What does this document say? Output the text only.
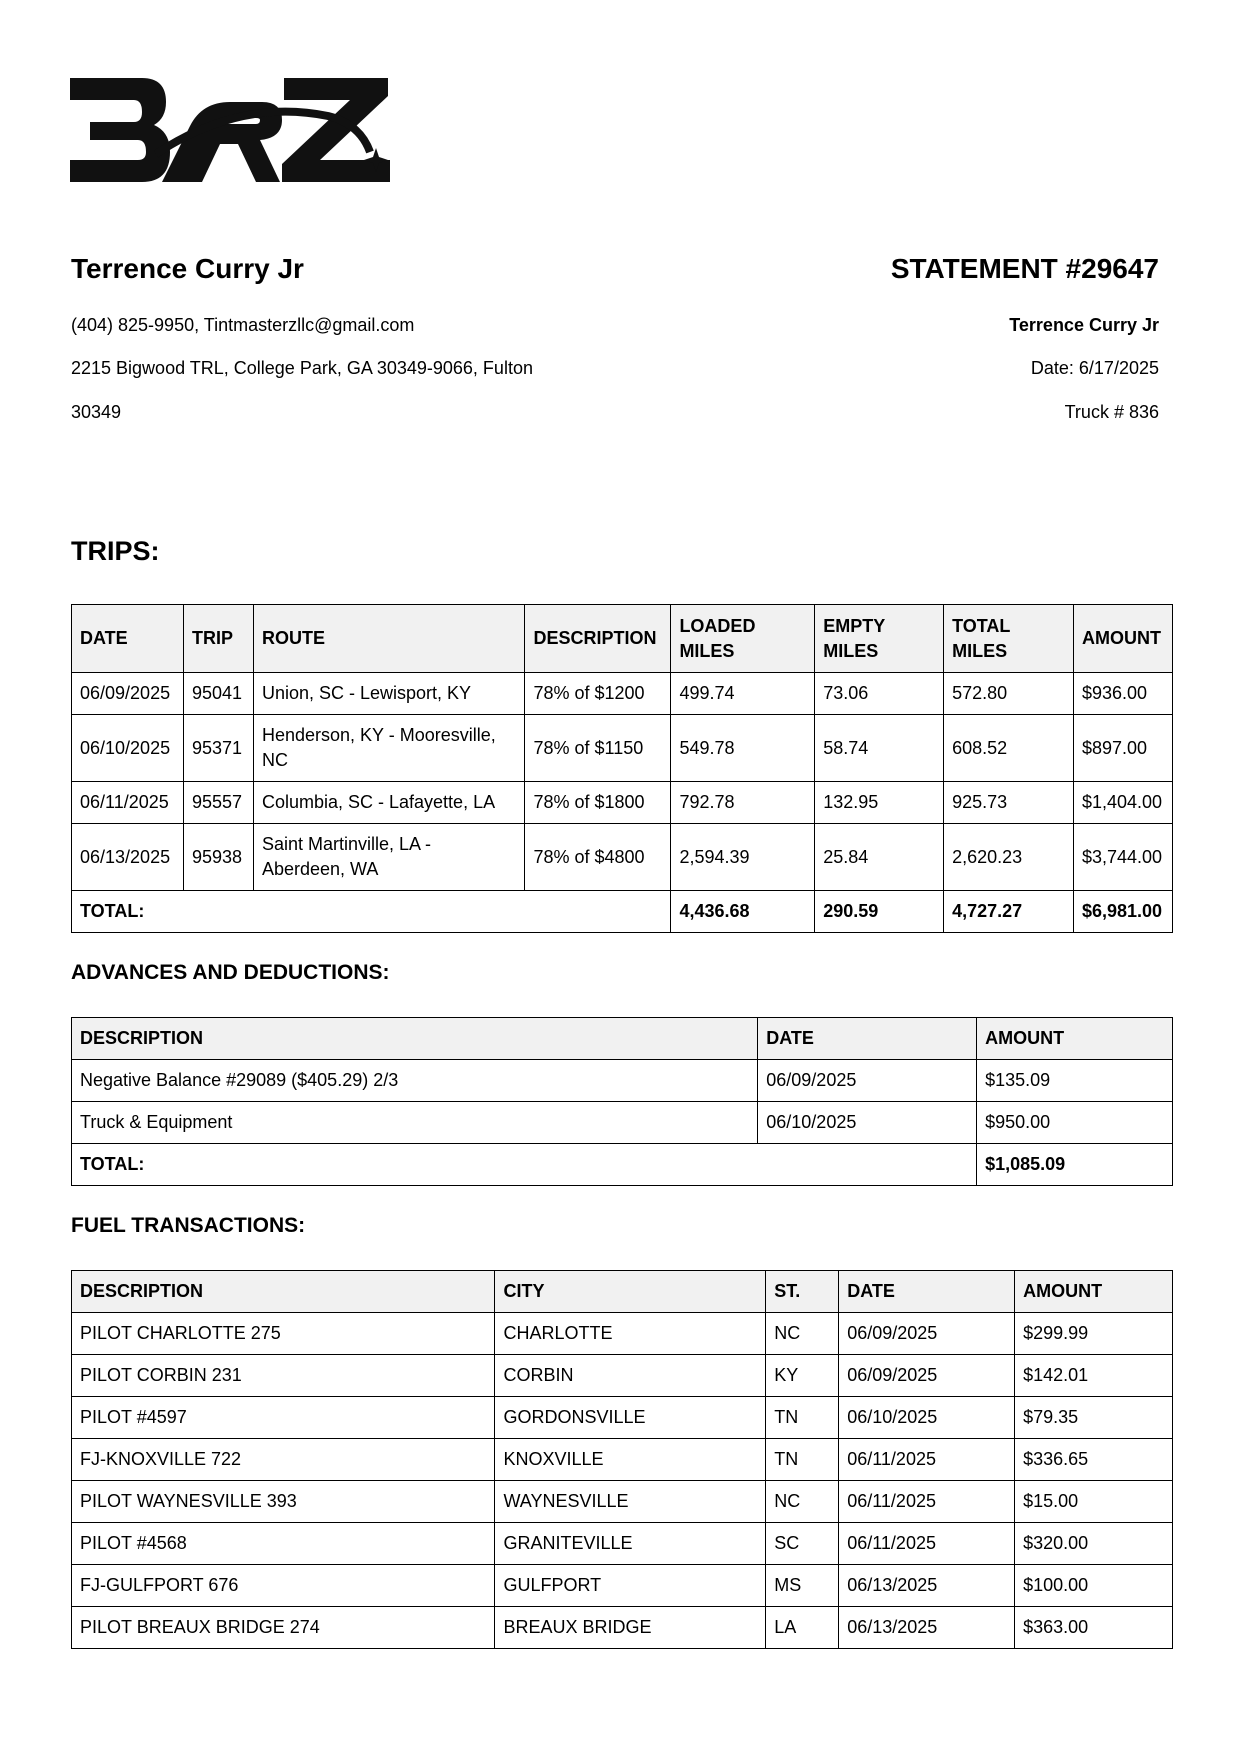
Terrence Curry Jr
(404) 825-9950, Tintmasterzllc@gmail.com
2215 Bigwood TRL, College Park, GA 30349-9066, Fulton
30349
STATEMENT #29647
Terrence Curry Jr
Date: 6/17/2025
Truck # 836
TRIPS:
DATE	TRIP	ROUTE	DESCRIPTION	LOADED MILES	EMPTY MILES	TOTAL MILES	AMOUNT
06/09/2025	95041	Union, SC - Lewisport, KY	78% of $1200	499.74	73.06	572.80	$936.00
06/10/2025	95371	Henderson, KY - Mooresville, NC	78% of $1150	549.78	58.74	608.52	$897.00
06/11/2025	95557	Columbia, SC - Lafayette, LA	78% of $1800	792.78	132.95	925.73	$1,404.00
06/13/2025	95938	Saint Martinville, LA - Aberdeen, WA	78% of $4800	2,594.39	25.84	2,620.23	$3,744.00
TOTAL:				4,436.68	290.59	4,727.27	$6,981.00
ADVANCES AND DEDUCTIONS:
DESCRIPTION	DATE	AMOUNT
Negative Balance #29089 ($405.29) 2/3	06/09/2025	$135.09
Truck & Equipment	06/10/2025	$950.00
TOTAL:		$1,085.09
FUEL TRANSACTIONS:
DESCRIPTION	CITY	ST.	DATE	AMOUNT
PILOT CHARLOTTE 275	CHARLOTTE	NC	06/09/2025	$299.99
PILOT CORBIN 231	CORBIN	KY	06/09/2025	$142.01
PILOT #4597	GORDONSVILLE	TN	06/10/2025	$79.35
FJ-KNOXVILLE 722	KNOXVILLE	TN	06/11/2025	$336.65
PILOT WAYNESVILLE 393	WAYNESVILLE	NC	06/11/2025	$15.00
PILOT #4568	GRANITEVILLE	SC	06/11/2025	$320.00
FJ-GULFPORT 676	GULFPORT	MS	06/13/2025	$100.00
PILOT BREAUX BRIDGE 274	BREAUX BRIDGE	LA	06/13/2025	$363.00
